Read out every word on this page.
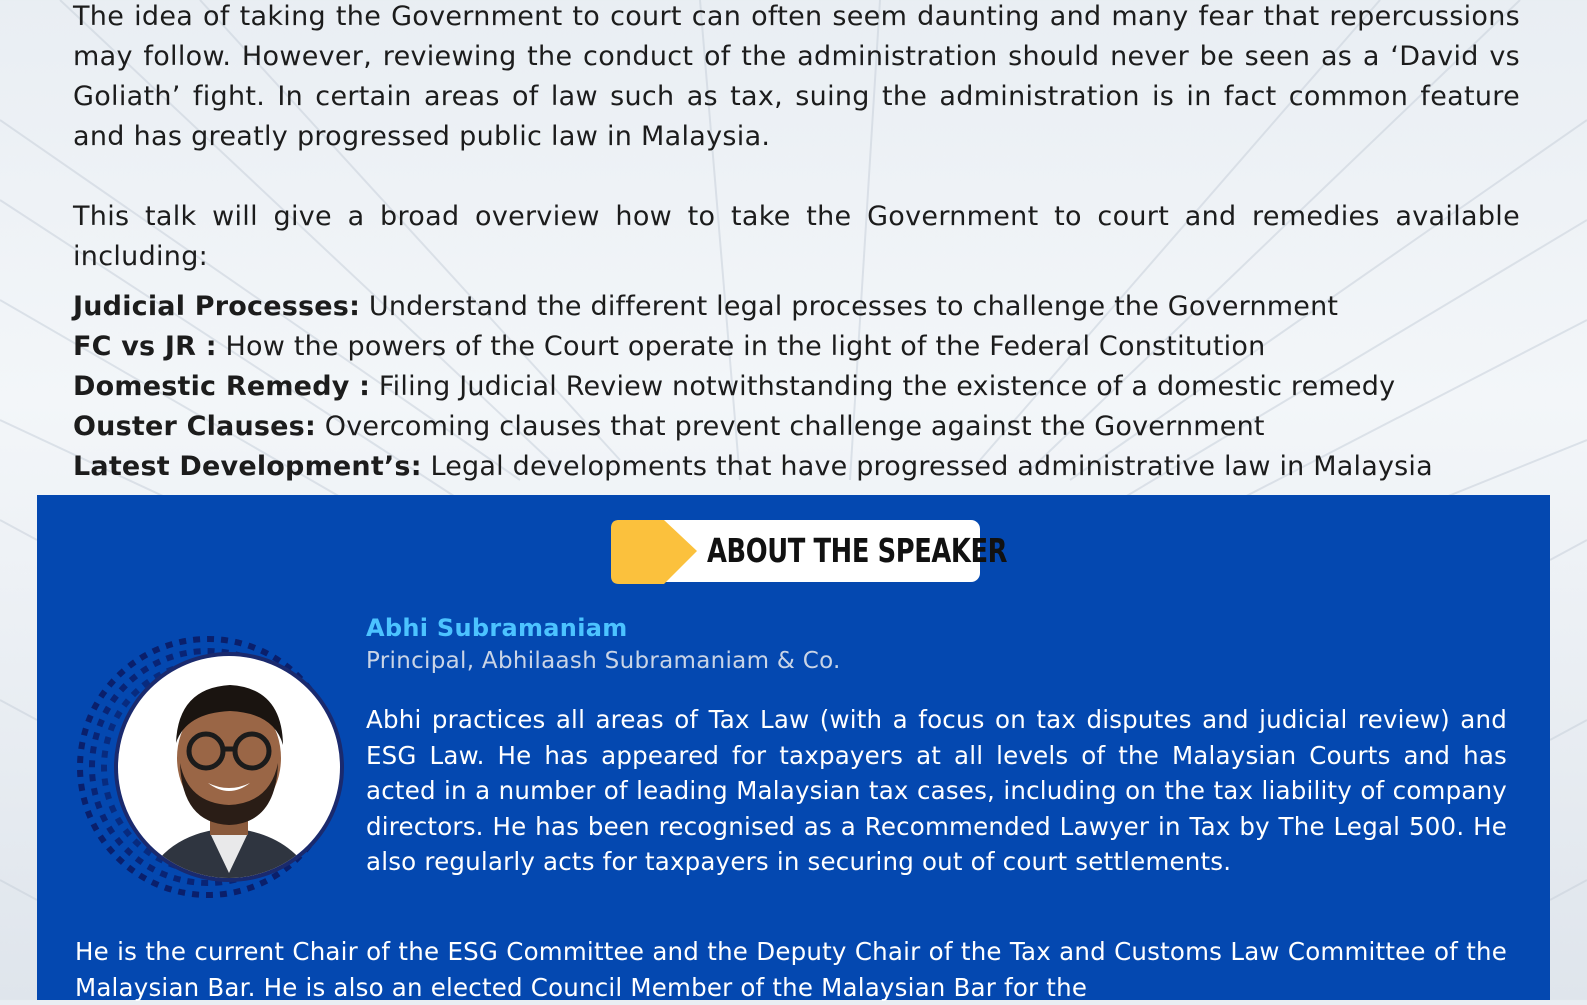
The idea of taking the Government to court can often seem daunting and many fear that repercussions may follow. However, reviewing the conduct of the administration should never be seen as a ‘David vs Goliath’ fight. In certain areas of law such as tax, suing the administration is in fact common feature and has greatly progressed public law in Malaysia.

This talk will give a broad overview how to take the Government to court and remedies available including:

Judicial Processes: Understand the different legal processes to challenge the Government
FC vs JR : How the powers of the Court operate in the light of the Federal Constitution
Domestic Remedy : Filing Judicial Review notwithstanding the existence of a domestic remedy
Ouster Clauses: Overcoming clauses that prevent challenge against the Government
Latest Development’s: Legal developments that have progressed administrative law in Malaysia
ABOUT THE SPEAKER
Abhi Subramaniam
Principal, Abhilaash Subramaniam & Co.
Abhi practices all areas of Tax Law (with a focus on tax disputes and judicial review) and ESG Law. He has appeared for taxpayers at all levels of the Malaysian Courts and has acted in a number of leading Malaysian tax cases, including on the tax liability of company directors. He has been recognised as a Recommended Lawyer in Tax by The Legal 500. He also regularly acts for taxpayers in securing out of court settlements.
He is the current Chair of the ESG Committee and the Deputy Chair of the Tax and Customs Law Committee of the Malaysian Bar. He is also an elected Council Member of the Malaysian Bar for the
